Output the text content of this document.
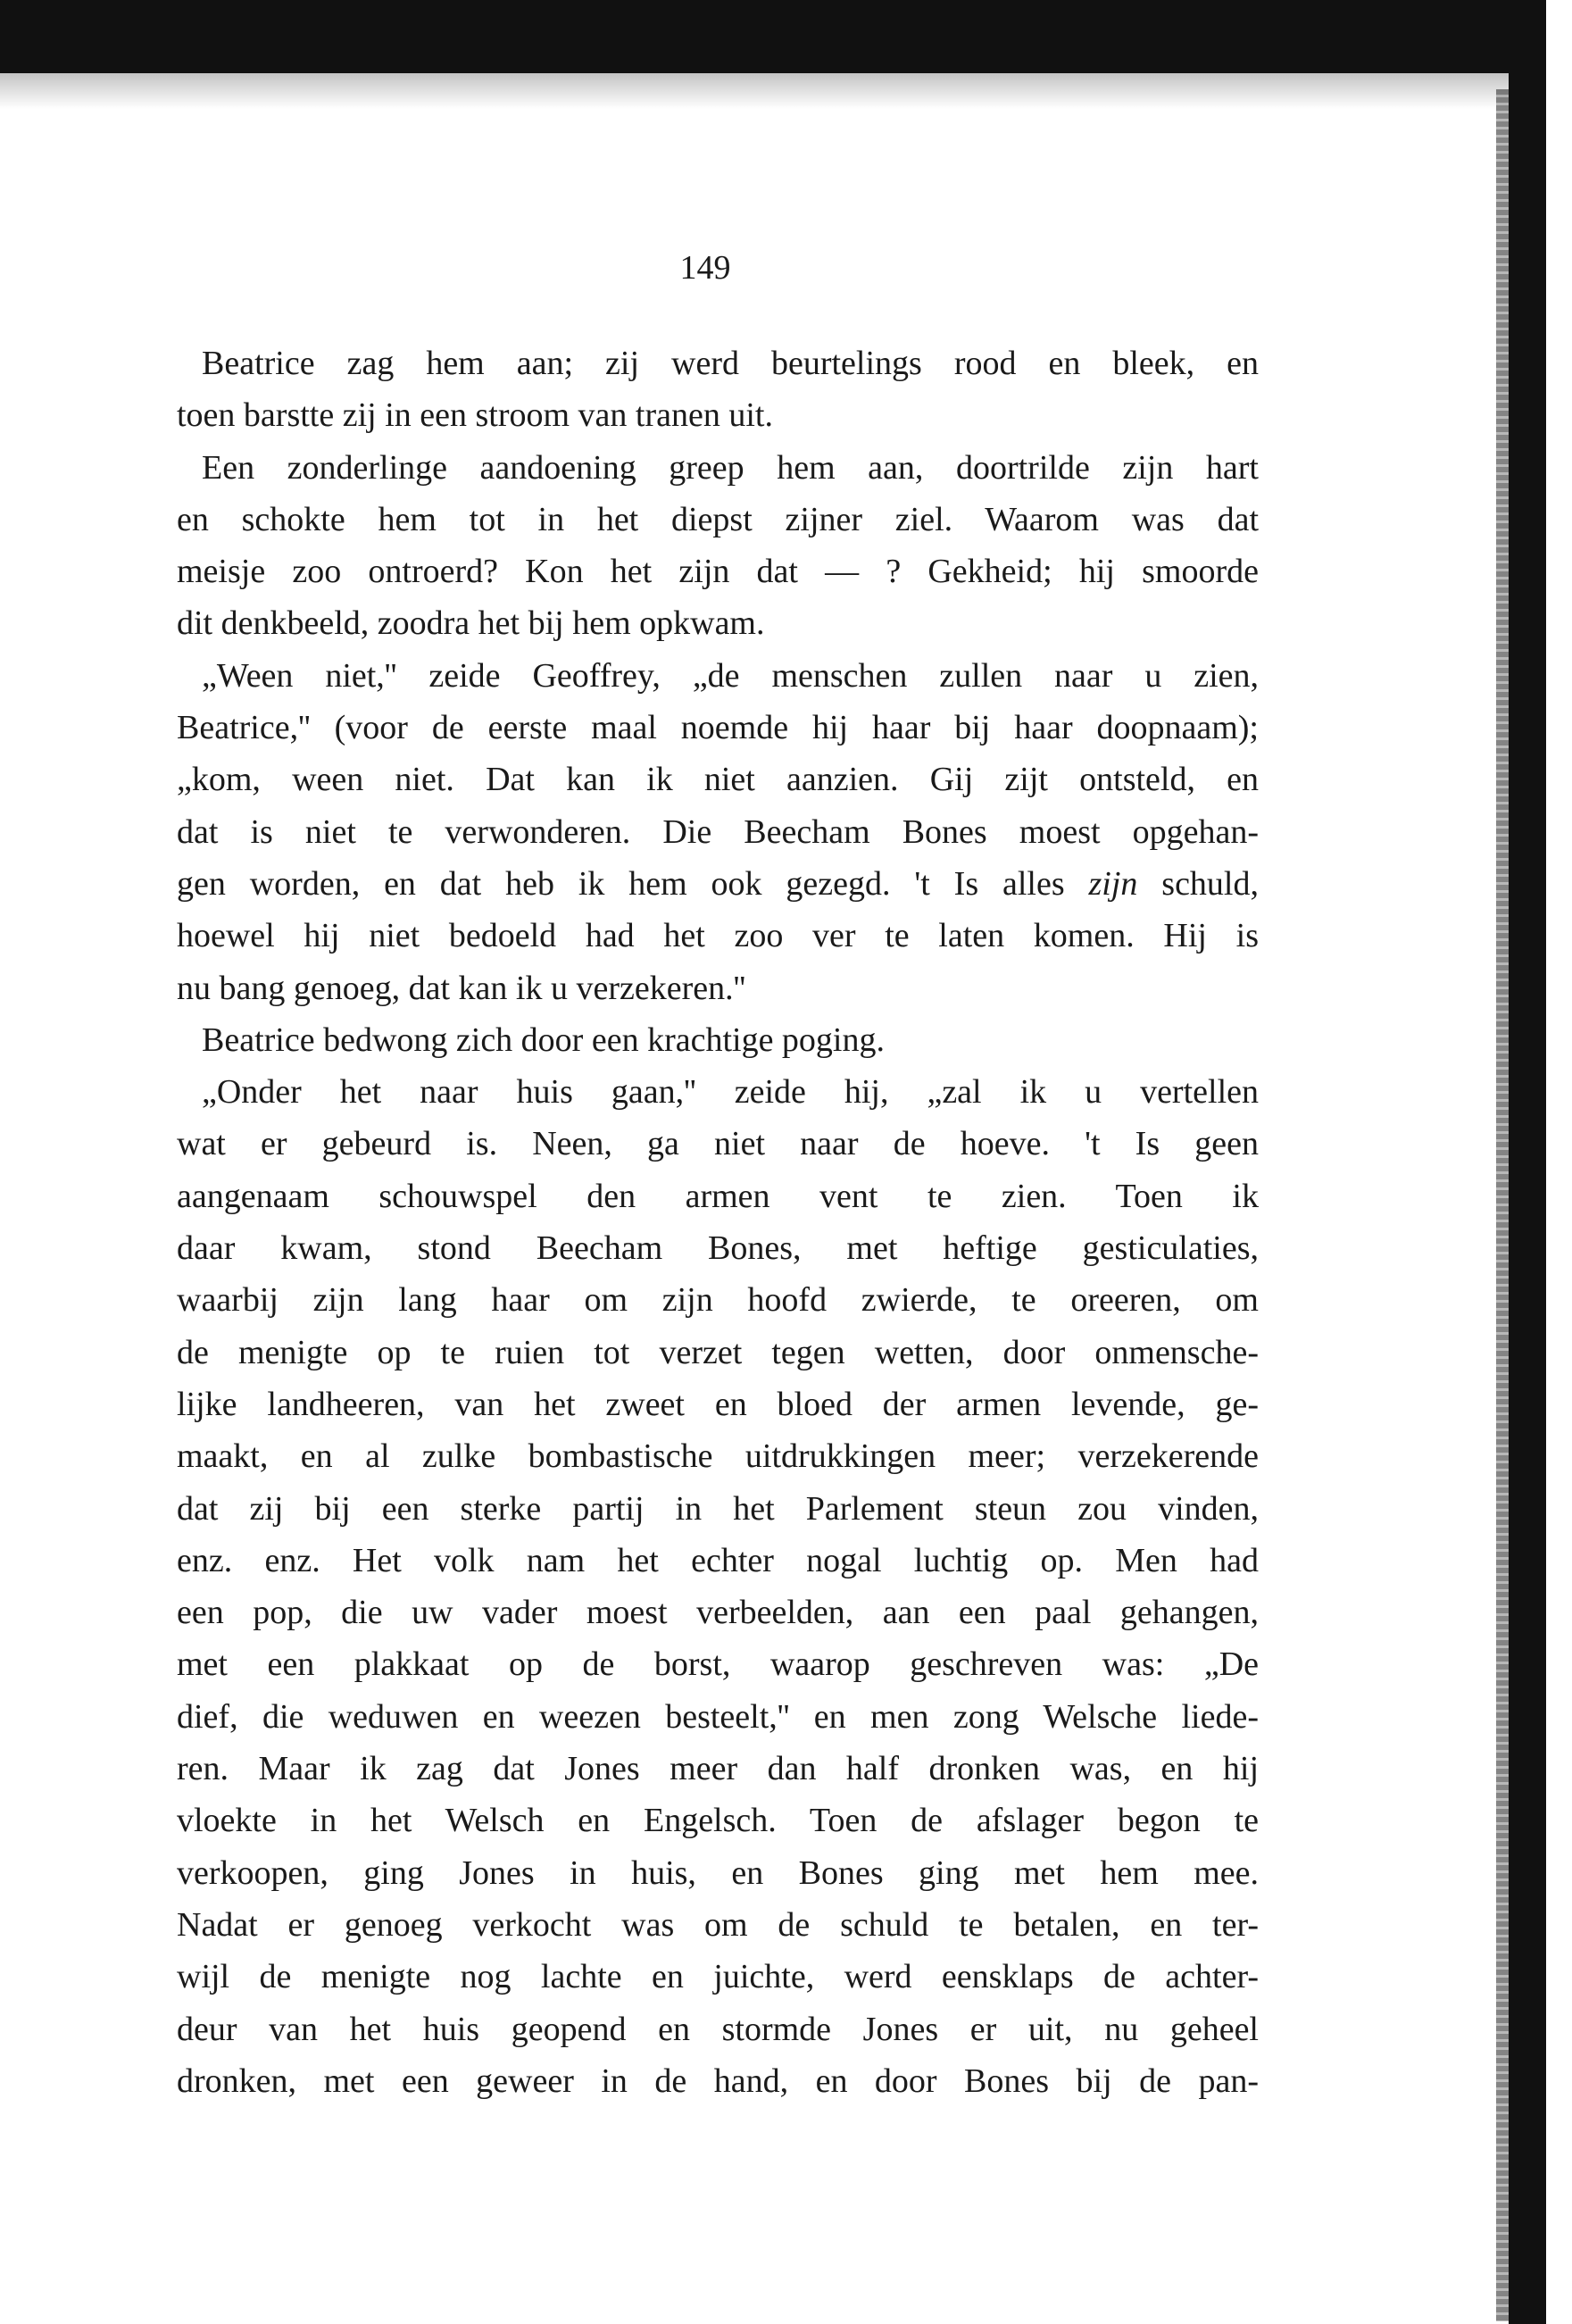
149
Beatrice zag hem aan; zij werd beurtelings rood en bleek, en
toen barstte zij in een stroom van tranen uit.
Een zonderlinge aandoening greep hem aan, doortrilde zijn hart
en schokte hem tot in het diepst zijner ziel. Waarom was dat
meisje zoo ontroerd? Kon het zijn dat — ? Gekheid; hij smoorde
dit denkbeeld, zoodra het bij hem opkwam.
„Ween niet,'' zeide Geoffrey, „de menschen zullen naar u zien,
Beatrice,'' (voor de eerste maal noemde hij haar bij haar doopnaam);
„kom, ween niet. Dat kan ik niet aanzien. Gij zijt ontsteld, en
dat is niet te verwonderen. Die Beecham Bones moest opgehan-
gen worden, en dat heb ik hem ook gezegd. 't Is alles zijn schuld,
hoewel hij niet bedoeld had het zoo ver te laten komen. Hij is
nu bang genoeg, dat kan ik u verzekeren.''
Beatrice bedwong zich door een krachtige poging.
„Onder het naar huis gaan,'' zeide hij, „zal ik u vertellen
wat er gebeurd is. Neen, ga niet naar de hoeve. 't Is geen
aangenaam schouwspel den armen vent te zien. Toen ik
daar kwam, stond Beecham Bones, met heftige gesticulaties,
waarbij zijn lang haar om zijn hoofd zwierde, te oreeren, om
de menigte op te ruien tot verzet tegen wetten, door onmensche-
lijke landheeren, van het zweet en bloed der armen levende, ge-
maakt, en al zulke bombastische uitdrukkingen meer; verzekerende
dat zij bij een sterke partij in het Parlement steun zou vinden,
enz. enz. Het volk nam het echter nogal luchtig op. Men had
een pop, die uw vader moest verbeelden, aan een paal gehangen,
met een plakkaat op de borst, waarop geschreven was: „De
dief, die weduwen en weezen besteelt,'' en men zong Welsche liede-
ren. Maar ik zag dat Jones meer dan half dronken was, en hij
vloekte in het Welsch en Engelsch. Toen de afslager begon te
verkoopen, ging Jones in huis, en Bones ging met hem mee.
Nadat er genoeg verkocht was om de schuld te betalen, en ter-
wijl de menigte nog lachte en juichte, werd eensklaps de achter-
deur van het huis geopend en stormde Jones er uit, nu geheel
dronken, met een geweer in de hand, en door Bones bij de pan-
